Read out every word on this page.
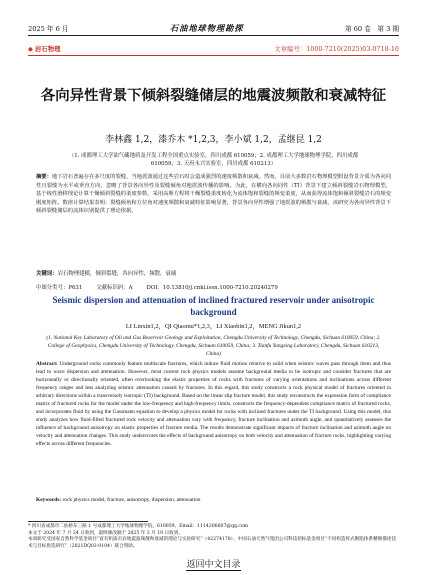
2025 年 6 月	石油地球物理勘探	第 60 卷　第 3 期
◆ 岩石物理	文章编号：1000-7210(2025)03-0718-10
各向异性背景下倾斜裂缝储层的地震波频散和衰减特征
李林鑫 1,2，漆乔木 *1,2,3，李小斌 1,2，孟继昆 1,2
（1. 成都理工大学油气藏地质及开发工程全国重点实验室，四川成都 610059；2. 成都理工大学地球物理学院，四川成都 610059；3. 天府永兴实验室，四川成都 610213）
摘要：地下岩石普遍存在多尺度的裂缝，当地震波通过这些岩石时会造成强烈的速度频散和衰减。然而，目前大多数岩石物理模型假设背景介质为各向同性且裂缝为水平或垂直方向，忽略了背景各向异性及裂缝倾角对地震波传播的影响。为此，在横向各向同性（TI）背景下建立倾斜裂缝岩石物理模型，基于线性滑移理论计算干燥倾斜裂缝的柔度参数，采用高斯方程将干燥裂缝柔度转化为流体饱和裂缝的频变柔度，从而获得流体饱和倾斜裂缝岩石的频变刚度矩阵。数值计算结果表明：裂缝倾角和方位角对速度频散和衰减特征影响显著，背景各向异性增强了地震波的频散与衰减，该研究为各向异性背景下倾斜裂缝储层的流体识别提供了理论依据。
关键词：岩石物理建模，倾斜裂缝，各向异性，频散，衰减
中图分类号：P631	文献标识码：A	DOI：10.13810/j.cnki.issn.1000-7210.20240279
Seismic dispersion and attenuation of inclined fractured reservoir under anisotropic background
LI Linxin1,2，QI Qiaomu*1,2,3，LI Xiaobin1,2，MENG Jikun1,2
(1. National Key Laboratory of Oil and Gas Reservoir Geology and Exploitation, Chengdu University of Technology, Chengdu, Sichuan 610059, China; 2. College of Geophysics, Chengdu University of Technology, Chengdu, Sichuan 610059, China; 3. Tianfu Yongxing Laboratory, Chengdu, Sichuan 610213, China)
Abstract: Underground rocks commonly feature multiscale fractures, which induce fluid motion relative to solid when seismic waves pass through them and thus lead to wave dispersion and attenuation. However, most current rock physics models assume background media to be isotropic and consider fractures that are horizontally or directionally oriented, often overlooking the elastic properties of rocks with fractures of varying orientations and inclinations across different frequency ranges and less analyzing seismic attenuation caused by fractures. In this regard, this study constructs a rock physical model of fractures oriented in arbitrary directions within a transversely isotropic (TI) background. Based on the linear slip fracture model, this study reconstructs the expression form of compliance matrix of fractured rocks for the model under the low-frequency and high-frequency limits, constructs the frequency-dependent compliance matrix of fractured rocks, and incorporates fluid by using the Gassmann equation to develop a physics model for rocks with inclined fractures under the TI background. Using this model, this study analyzes how fluid-filled fractured rock velocity and attenuation vary with frequency, fracture inclination and azimuth angle, and quantitatively assesses the influence of background anisotropy on elastic properties of fracture media. The results demonstrate significant impacts of fracture inclination and azimuth angle on velocity and attenuation changes. This study underscores the effects of background anisotropy on both velocity and attenuation of fracture rocks, highlighting varying effects across different frequencies.
Keywords: rock physics model, fracture, anisotropy, dispersion, attenuation
* 四川省成都市二仙桥东三路 1 号成都理工大学地球物理学院，610059。Email：1114206607@qq.com
本文于 2024 年 7 月 24 日收到，最终修改稿于 2025 年 3 月 19 日收到。
本项研究受国家自然科学基金项目“富有机质页岩地震波频散和衰减的理论与实验研究”（42274178）、中国石油天然气集团公司科技招标基金项目“不同构造样式断陷体系精细描述技术与目标优选研究”（2021DQ02-0104）联合资助。
返回中文目录
